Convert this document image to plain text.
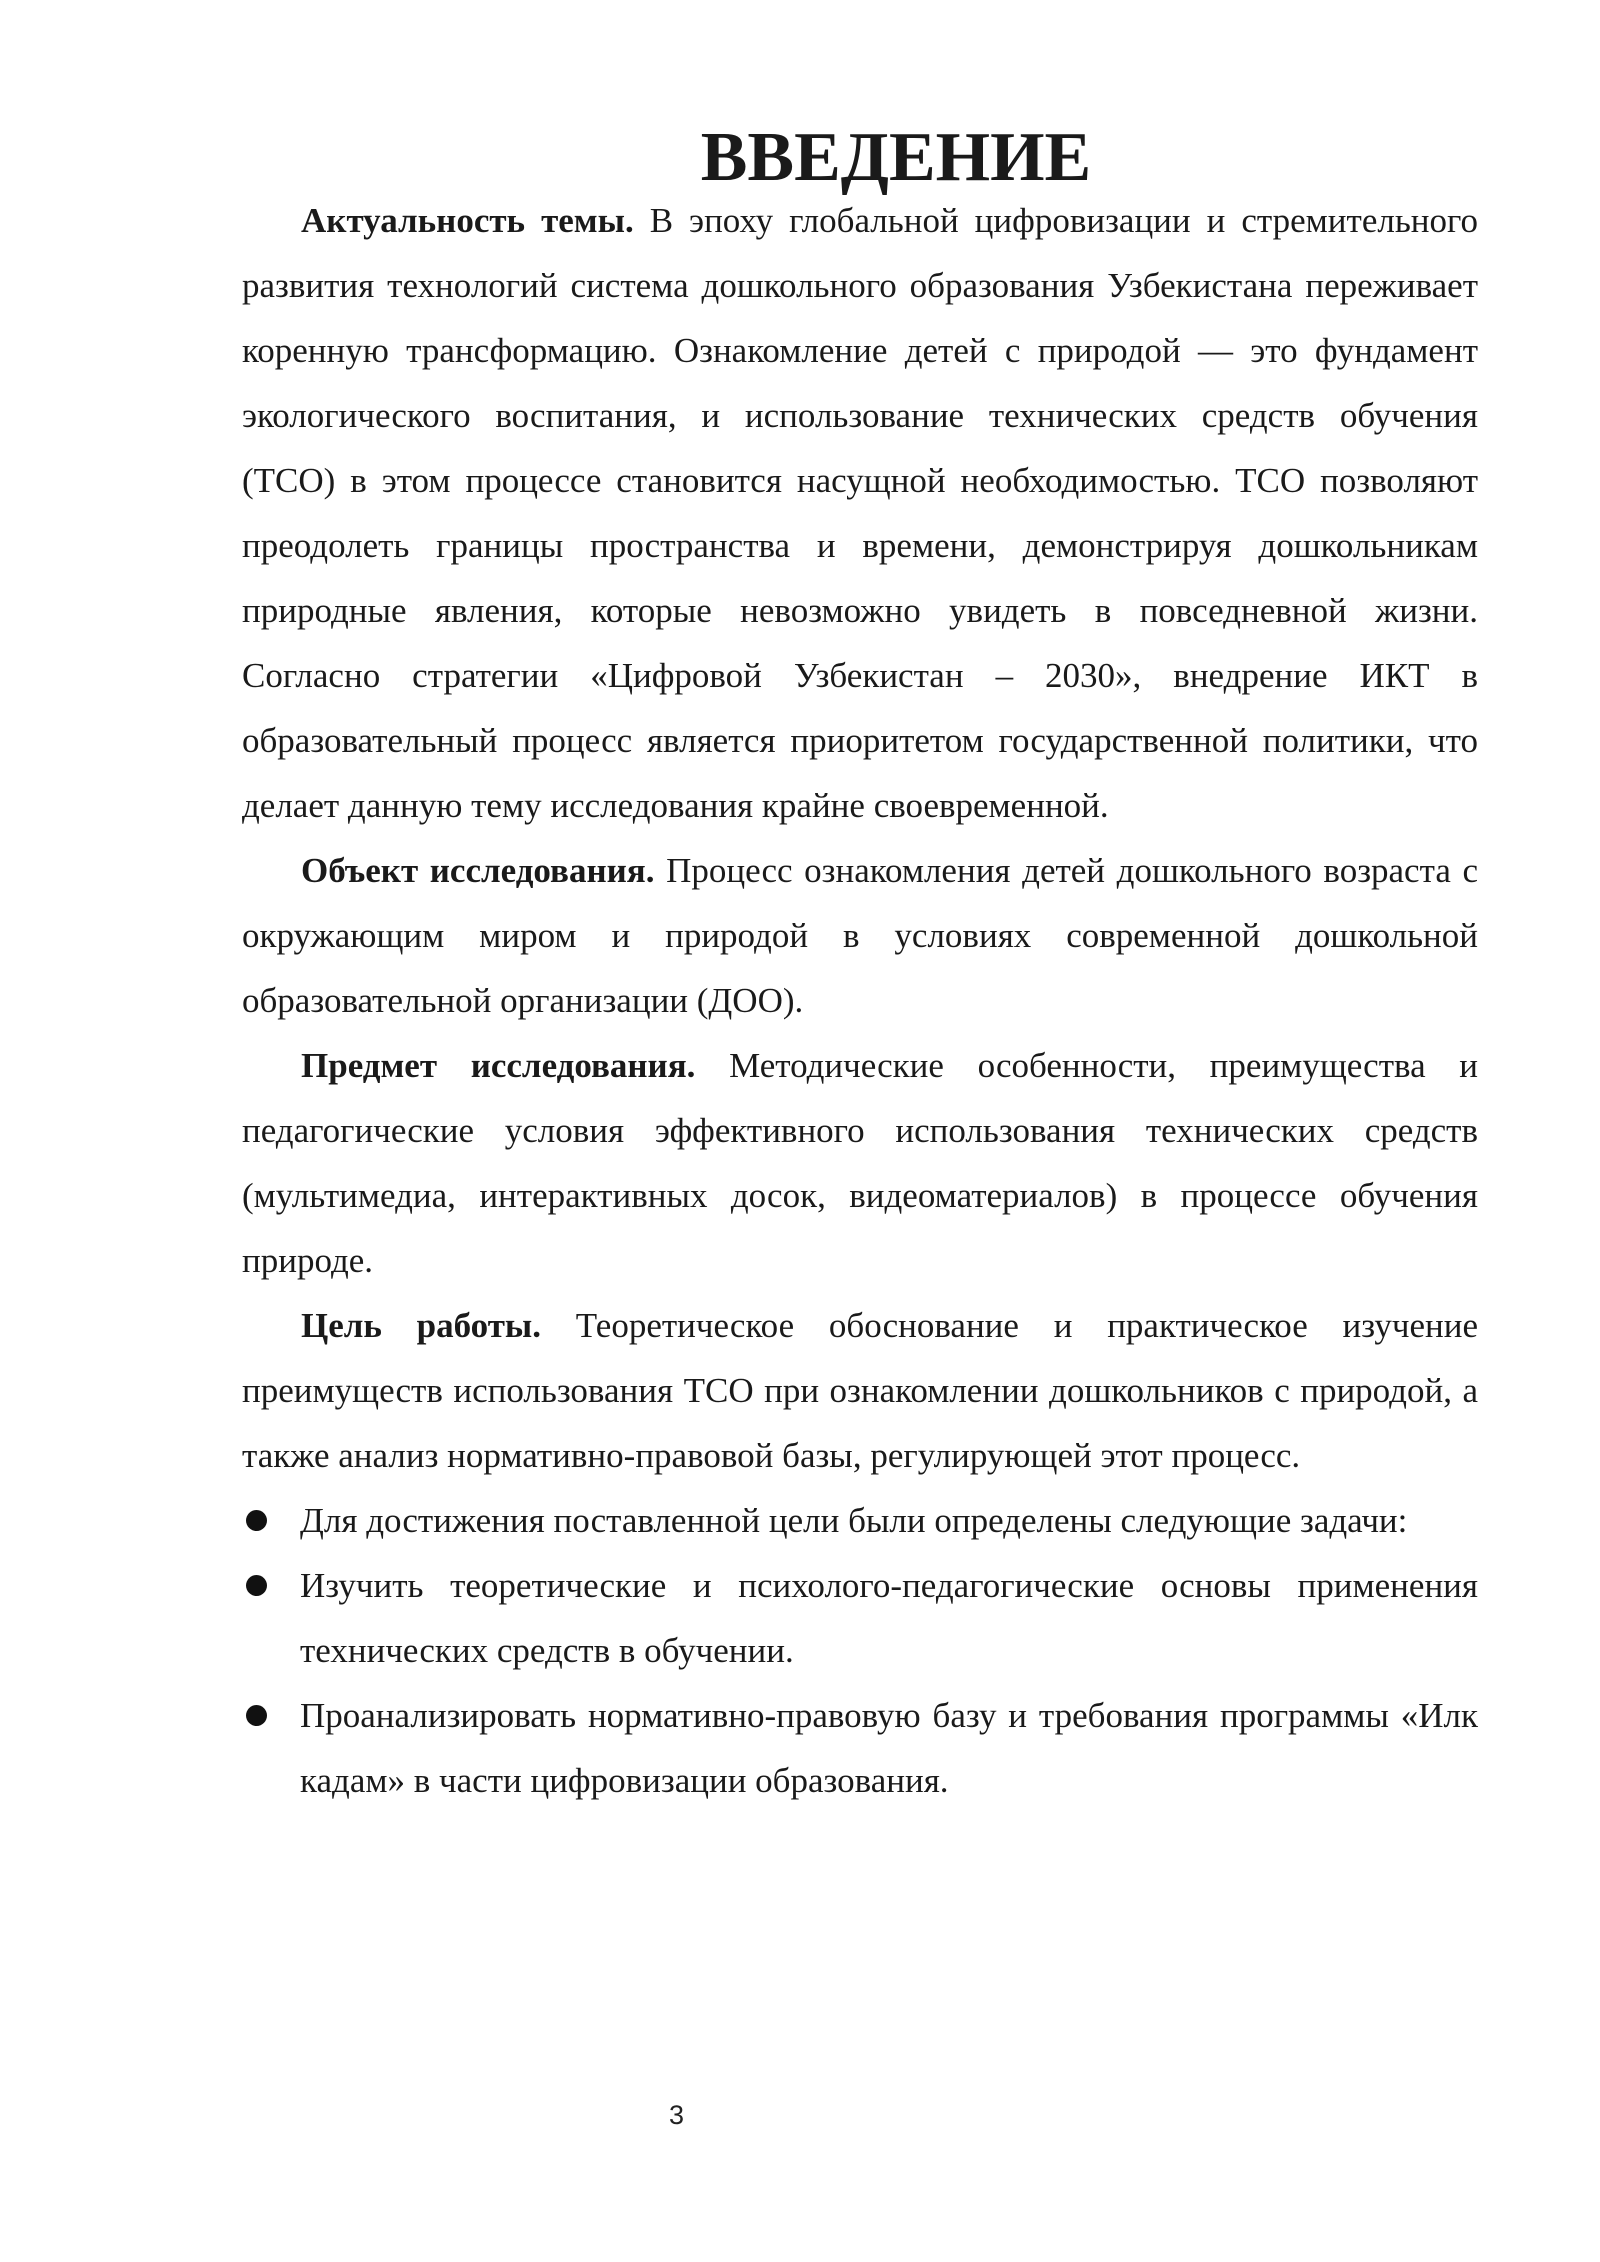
ВВЕДЕНИЕ

Актуальность темы. В эпоху глобальной цифровизации и стремительного развития технологий система дошкольного образования Узбекистана переживает коренную трансформацию. Ознакомление детей с природой — это фундамент экологического воспитания, и использование технических средств обучения (ТСО) в этом процессе становится насущной необходимостью. ТСО позволяют преодолеть границы пространства и времени, демонстрируя дошкольникам природные явления, которые невозможно увидеть в повседневной жизни. Согласно стратегии «Цифровой Узбекистан – 2030», внедрение ИКТ в образовательный процесс является приоритетом государственной политики, что делает данную тему исследования крайне своевременной.

Объект исследования. Процесс ознакомления детей дошкольного возраста с окружающим миром и природой в условиях современной дошкольной образовательной организации (ДОО).

Предмет исследования. Методические особенности, преимущества и педагогические условия эффективного использования технических средств (мультимедиа, интерактивных досок, видеоматериалов) в процессе обучения природе.

Цель работы. Теоретическое обоснование и практическое изучение преимуществ использования ТСО при ознакомлении дошкольников с природой, а также анализ нормативно-правовой базы, регулирующей этот процесс.

Для достижения поставленной цели были определены следующие задачи:
Изучить теоретические и психолого-педагогические основы применения технических средств в обучении.
Проанализировать нормативно-правовую базу и требования программы «Илк кадам» в части цифровизации образования.
3
